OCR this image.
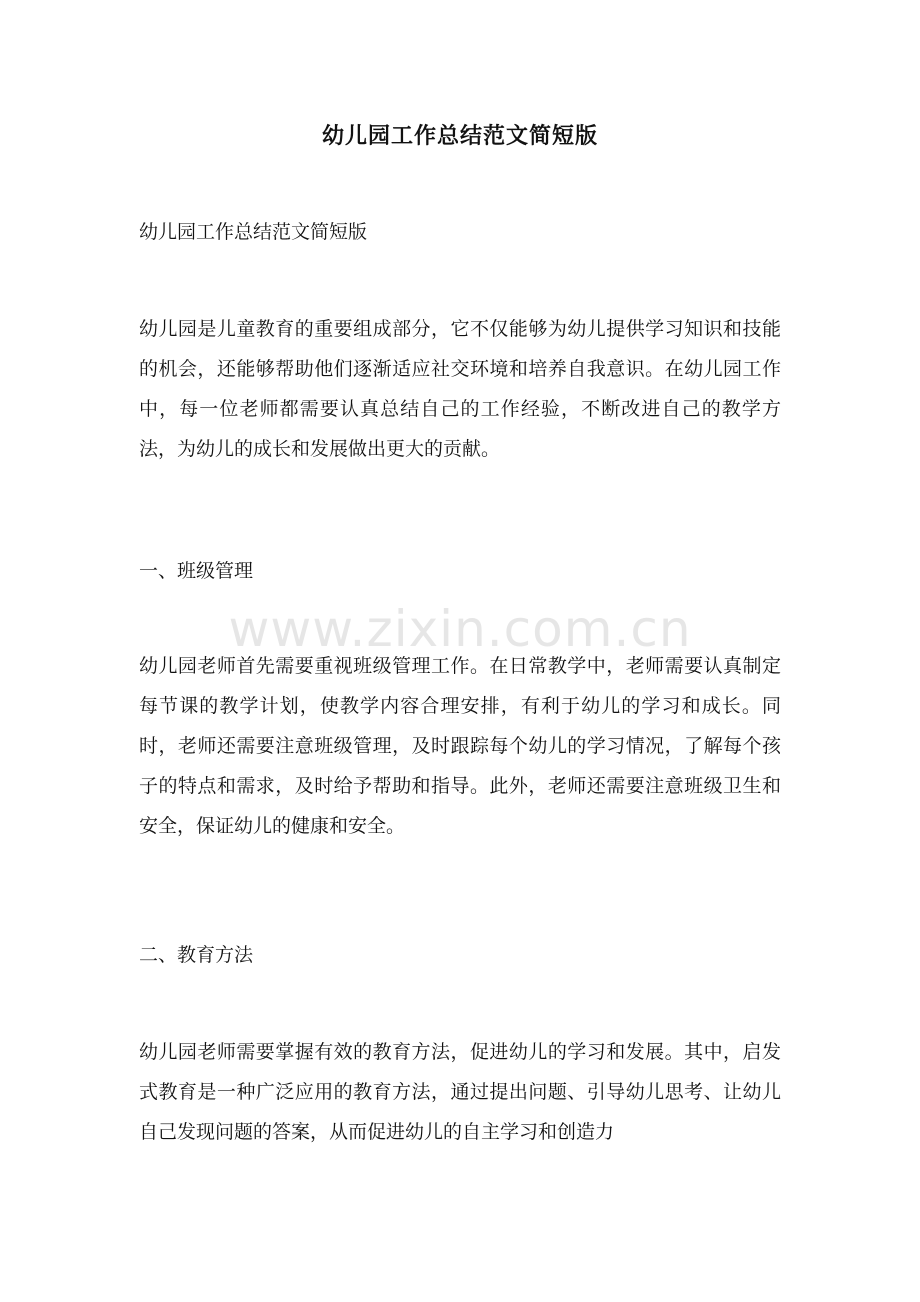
幼儿园工作总结范文简短版
幼儿园工作总结范文简短版
幼儿园是儿童教育的重要组成部分，它不仅能够为幼儿提供学习知识和技能的机会，还能够帮助他们逐渐适应社交环境和培养自我意识。在幼儿园工作中，每一位老师都需要认真总结自己的工作经验，不断改进自己的教学方法，为幼儿的成长和发展做出更大的贡献。
一、班级管理
幼儿园老师首先需要重视班级管理工作。在日常教学中，老师需要认真制定每节课的教学计划，使教学内容合理安排，有利于幼儿的学习和成长。同时，老师还需要注意班级管理，及时跟踪每个幼儿的学习情况，了解每个孩子的特点和需求，及时给予帮助和指导。此外，老师还需要注意班级卫生和安全，保证幼儿的健康和安全。
二、教育方法
幼儿园老师需要掌握有效的教育方法，促进幼儿的学习和发展。其中，启发式教育是一种广泛应用的教育方法，通过提出问题、引导幼儿思考、让幼儿自己发现问题的答案，从而促进幼儿的自主学习和创造力
www.zixin.com.cn
